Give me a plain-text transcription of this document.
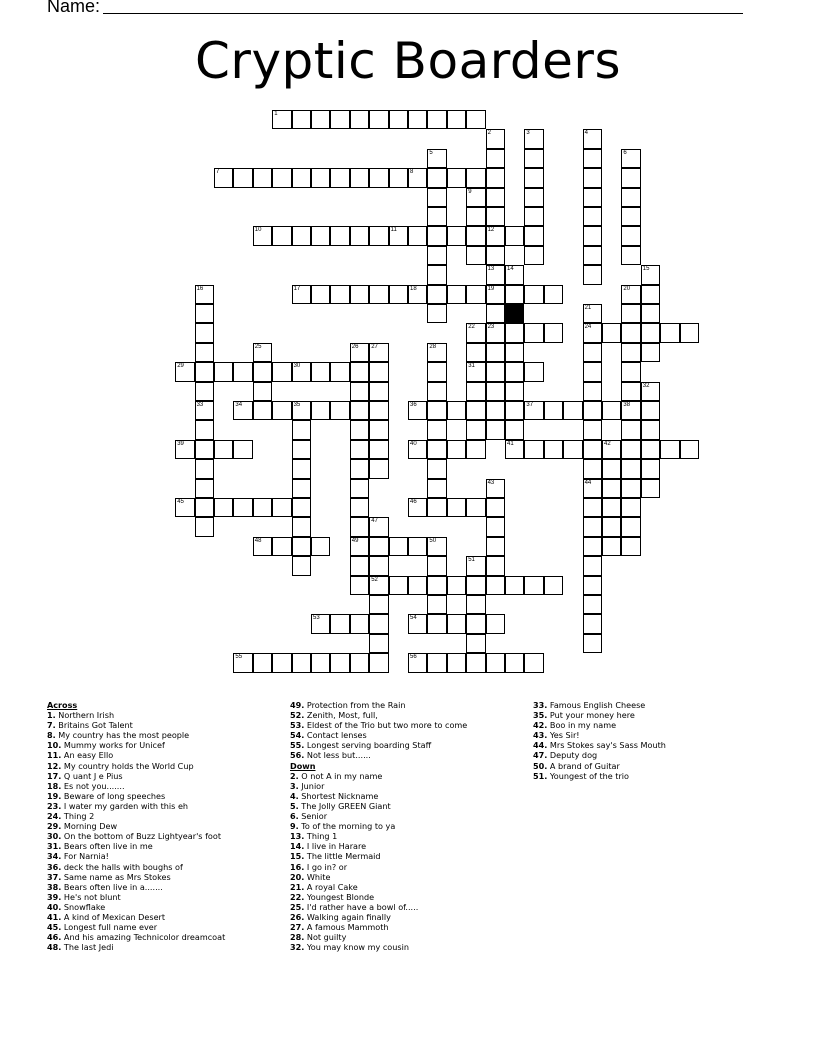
Name:
Cryptic Boarders
1
7	8
10	11	12
17	18	19
23	24
29	30	31
34	35	36	37	38
39	40	41	42
45	46
48	49
52
53	54
55	56
2	3	4
5	6
9
13 14	15
16
33
20
21
22
25	26 27	28
32
43	44
47
50
51
Across
1. Northern Irish
7. Britains Got Talent
8. My country has the most people
10. Mummy works for Unicef
11. An easy Ello
12. My country holds the World Cup
17. Q uant J e Pius
18. Es not you.......
19. Beware of long speeches
23. I water my garden with this eh
24. Thing 2
29. Morning Dew
30. On the bottom of Buzz Lightyear's foot
31. Bears often live in me
34. For Narnia!
36. deck the halls with boughs of
37. Same name as Mrs Stokes
38. Bears often live in a.......
39. He's not blunt
40. Snowflake
41. A kind of Mexican Desert
45. Longest full name ever
46. And his amazing Technicolor dreamcoat
48. The last Jedi
49. Protection from the Rain
52. Zenith, Most, full,
53. Eldest of the Trio but two more to come
54. Contact lenses
55. Longest serving boarding Staff
56. Not less but......
Down
2. O not A in my name
3. Junior
4. Shortest Nickname
5. The Jolly GREEN Giant
6. Senior
9. To of the morning to ya
13. Thing 1
14. I live in Harare
15. The little Mermaid
16. I go in? or
20. White
21. A royal Cake
22. Youngest Blonde
25. I'd rather have a bowl of.....
26. Walking again finally
27. A famous Mammoth
28. Not guilty
32. You may know my cousin
33. Famous English Cheese
35. Put your money here
42. Boo in my name
43. Yes Sir!
44. Mrs Stokes say's Sass Mouth
47. Deputy dog
50. A brand of Guitar
51. Youngest of the trio
